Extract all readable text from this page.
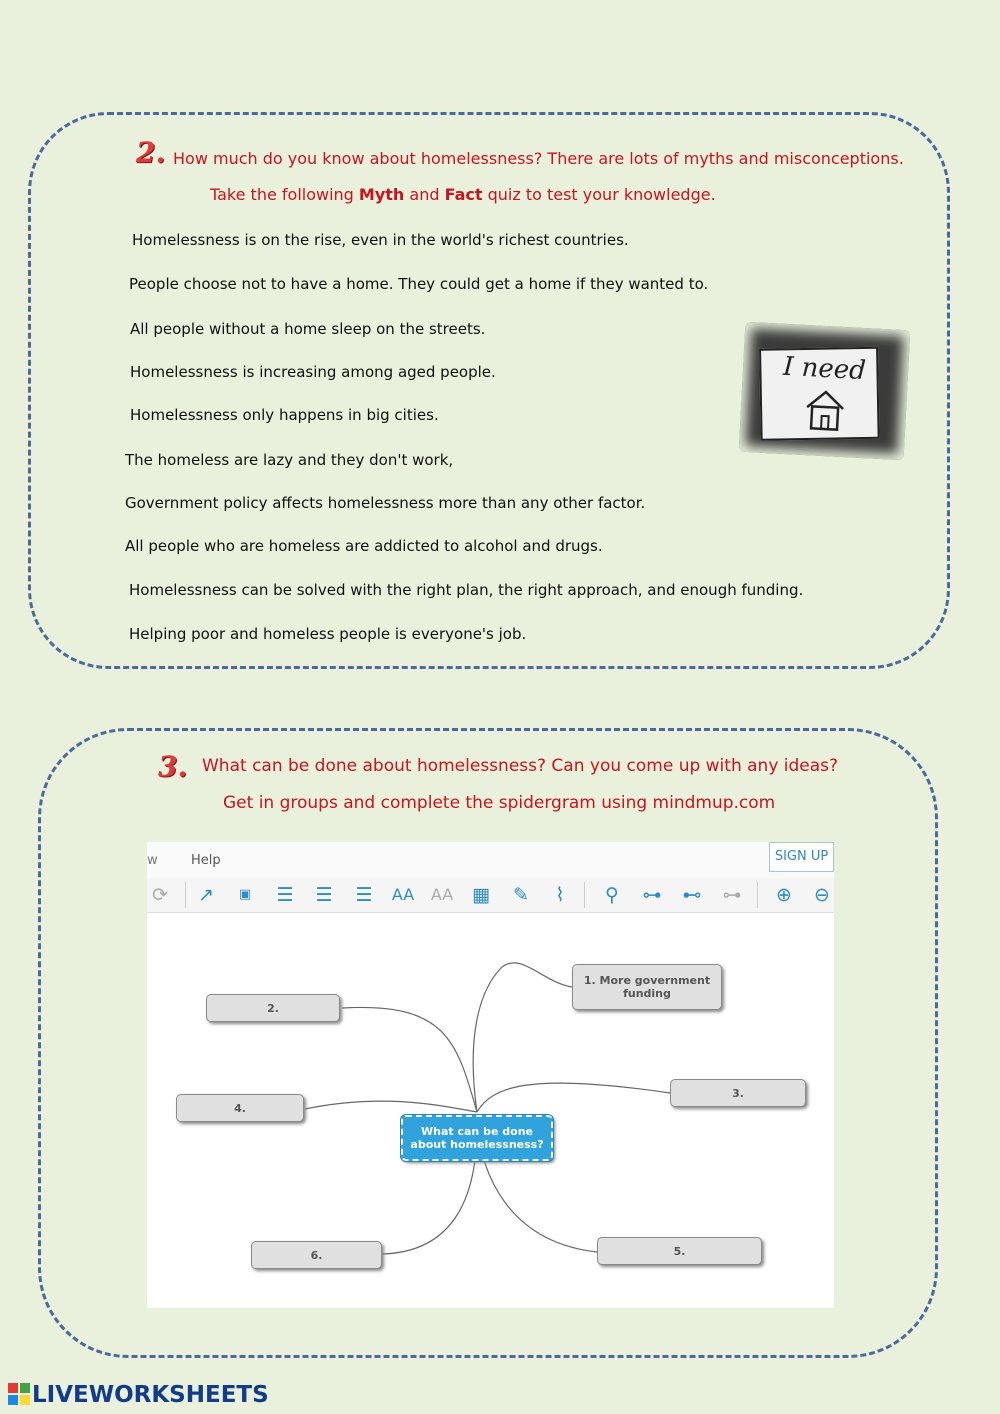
2. How much do you know about homelessness? There are lots of myths and misconceptions.
Take the following Myth and Fact quiz to test your knowledge.
Homelessness is on the rise, even in the world's richest countries.
People choose not to have a home. They could get a home if they wanted to.
All people without a home sleep on the streets.
Homelessness is increasing among aged people.
Homelessness only happens in big cities.
The homeless are lazy and they don't work,
Government policy affects homelessness more than any other factor.
All people who are homeless are addicted to alcohol and drugs.
Homelessness can be solved with the right plan, the right approach, and enough funding.
Helping poor and homeless people is everyone's job.
I need
3. What can be done about homelessness? Can you come up with any ideas?
Get in groups and complete the spidergram using mindmup.com
w	Help	SIGN UP
⟳ ↗	▣	☰ ☰ ☰ AA AA ▦ ✎	⌇	⚲	⊶ ⊷ ⊶ ⊕ ⊖
1. More government funding
2.
3.
4.
5.
6.
What can be done about homelessness?
LIVEWORKSHEETS
